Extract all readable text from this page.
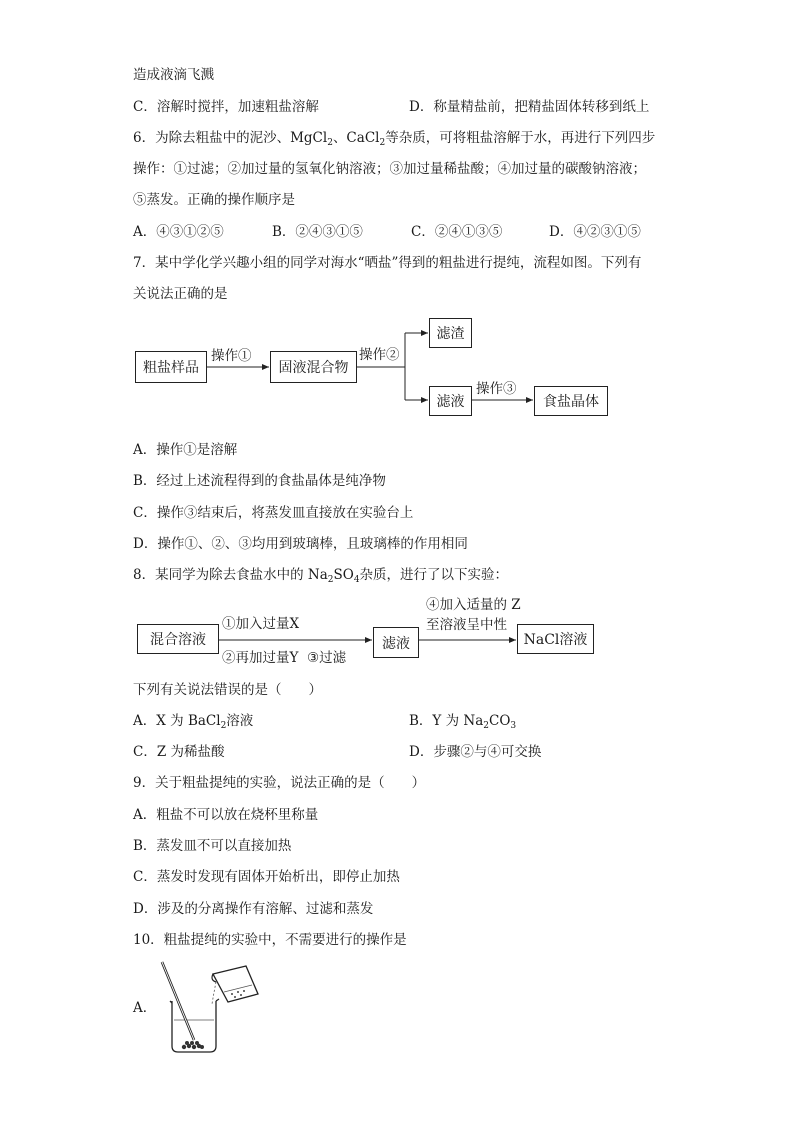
造成液滴飞溅
C．溶解时搅拌，加速粗盐溶解	D．称量精盐前，把精盐固体转移到纸上
6．为除去粗盐中的泥沙、MgCl$_2$、CaCl$_2$等杂质，可将粗盐溶解于水，再进行下列四步
操作：①过滤；②加过量的氢氧化钠溶液；③加过量稀盐酸；④加过量的碳酸钠溶液；
⑤蒸发。正确的操作顺序是
A．④③①②⑤	B．②④③①⑤	C．②④①③⑤	D．④②③①⑤
7．某中学化学兴趣小组的同学对海水“晒盐”得到的粗盐进行提纯，流程如图。下列有
关说法正确的是
粗盐样品
操作①
固液混合物
操作②
滤渣
滤液
操作③
食盐晶体
A．操作①是溶解
B．经过上述流程得到的食盐晶体是纯净物
C．操作③结束后，将蒸发皿直接放在实验台上
D．操作①、②、③均用到玻璃棒，且玻璃棒的作用相同
8．某同学为除去食盐水中的 $Na_2SO_4$杂质，进行了以下实验：
混合溶液
①加入过量X
②再加过量Y  ③过滤
滤液
④加入适量的 Z
至溶液呈中性
NaCl溶液
下列有关说法错误的是（　　）
A．X 为 BaCl$_2$溶液	B．Y 为 $Na_2CO_3$
C．Z 为稀盐酸	D．步骤②与④可交换
9．关于粗盐提纯的实验，说法正确的是（　　）
A．粗盐不可以放在烧杯里称量
B．蒸发皿不可以直接加热
C．蒸发时发现有固体开始析出，即停止加热
D．涉及的分离操作有溶解、过滤和蒸发
10．粗盐提纯的实验中，不需要进行的操作是
A．
